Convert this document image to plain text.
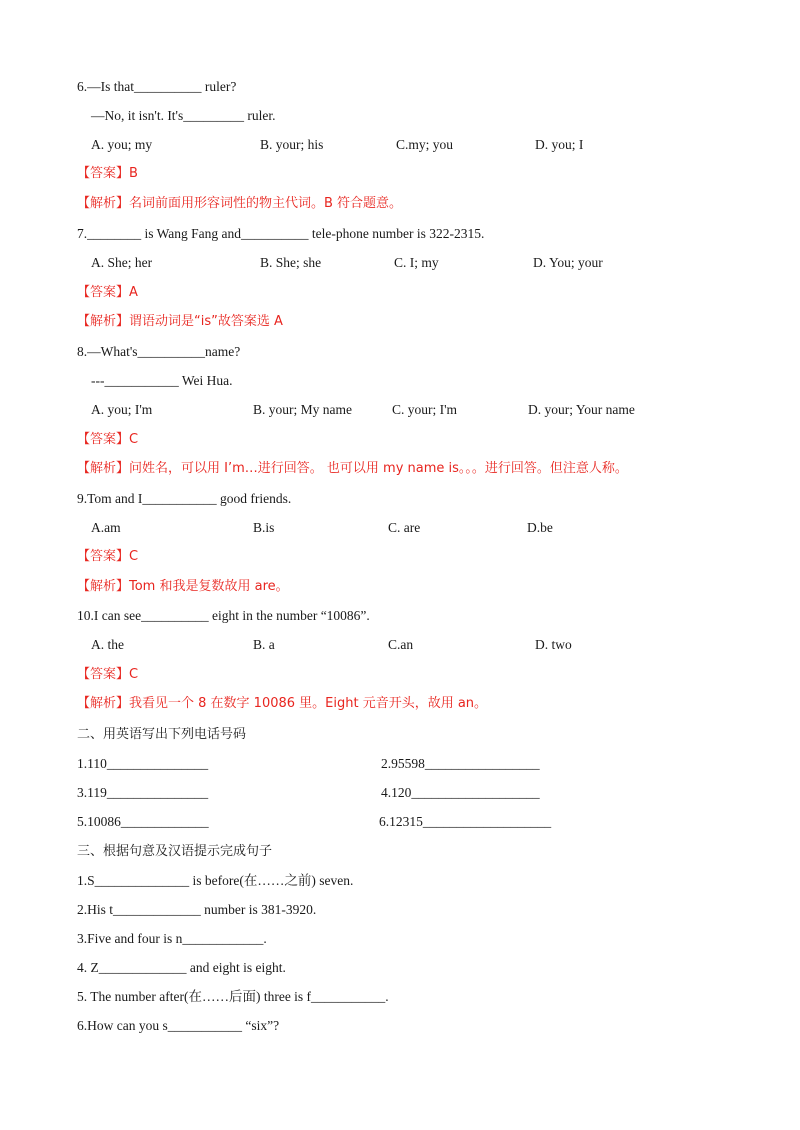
6.—Is that__________ ruler?
—No, it isn't. It's_________ ruler.
A. you; my	B. your; his	C.my; you	D. you; I
【答案】B
【解析】名词前面用形容词性的物主代词。B 符合题意。
7.________ is Wang Fang and__________ tele-phone number is 322-2315.
A. She; her	B. She; she	C. I; my	D. You; your
【答案】A
【解析】谓语动词是“is”故答案选 A
8.—What's__________name?
---___________ Wei Hua.
A. you; I'm	B. your; My name	C. your; I'm	D. your; Your name
【答案】C
【解析】问姓名，可以用 I’m…进行回答。 也可以用 my name is。。。进行回答。但注意人称。
9.Tom and I___________ good friends.
A.am	B.is	C. are	D.be
【答案】C
【解析】Tom 和我是复数故用 are。
10.I can see__________ eight in the number “10086”.
A. the	B. a	C.an	D. two
【答案】C
【解析】我看见一个 8 在数字 10086 里。Eight 元音开头，故用 an。
二、用英语写出下列电话号码
1.110_______________	2.95598_________________
3.119_______________	4.120___________________
5.10086_____________	6.12315___________________
三、根据句意及汉语提示完成句子
1.S______________ is before(在……之前) seven.
2.His t_____________ number is 381-3920.
3.Five and four is n____________.
4. Z_____________ and eight is eight.
5. The number after(在……后面) three is f___________.
6.How can you s___________ “six”?
